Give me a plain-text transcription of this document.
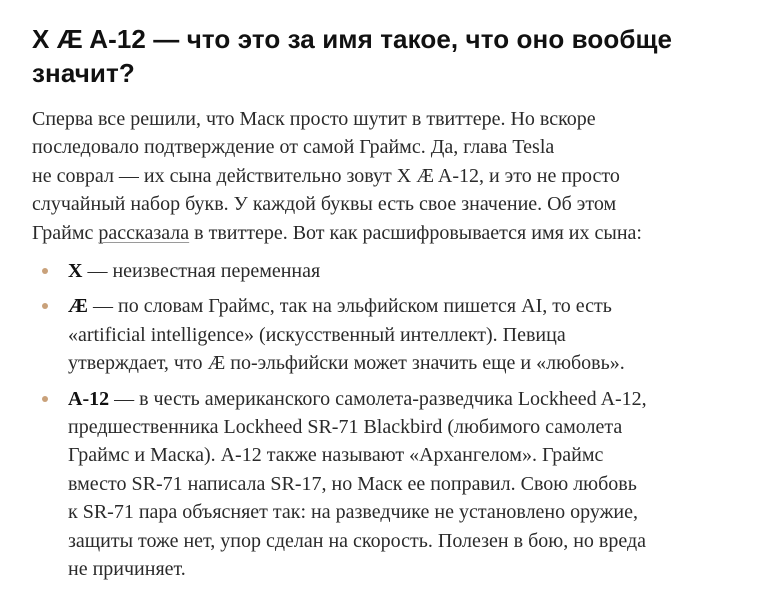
X Æ A-12 — что это за имя такое, что оно вообще
значит?

Сперва все решили, что Маск просто шутит в твиттере. Но вскоре
последовало подтверждение от самой Граймс. Да, глава Tesla
не соврал — их сына действительно зовут X Æ A-12, и это не просто
случайный набор букв. У каждой буквы есть свое значение. Об этом
Граймс рассказала в твиттере. Вот как расшифровывается имя их сына:

X — неизвестная переменная
Æ — по словам Граймс, так на эльфийском пишется AI, то есть
«artificial intelligence» (искусственный интеллект). Певица
утверждает, что Æ по-эльфийски может значить еще и «любовь».
A-12 — в честь американского самолета-разведчика Lockheed A-12,
предшественника Lockheed SR-71 Blackbird (любимого самолета
Граймс и Маска). A-12 также называют «Архангелом». Граймс
вместо SR-71 написала SR-17, но Маск ее поправил. Свою любовь
к SR-71 пара объясняет так: на разведчике не установлено оружие,
защиты тоже нет, упор сделан на скорость. Полезен в бою, но вреда
не причиняет.
